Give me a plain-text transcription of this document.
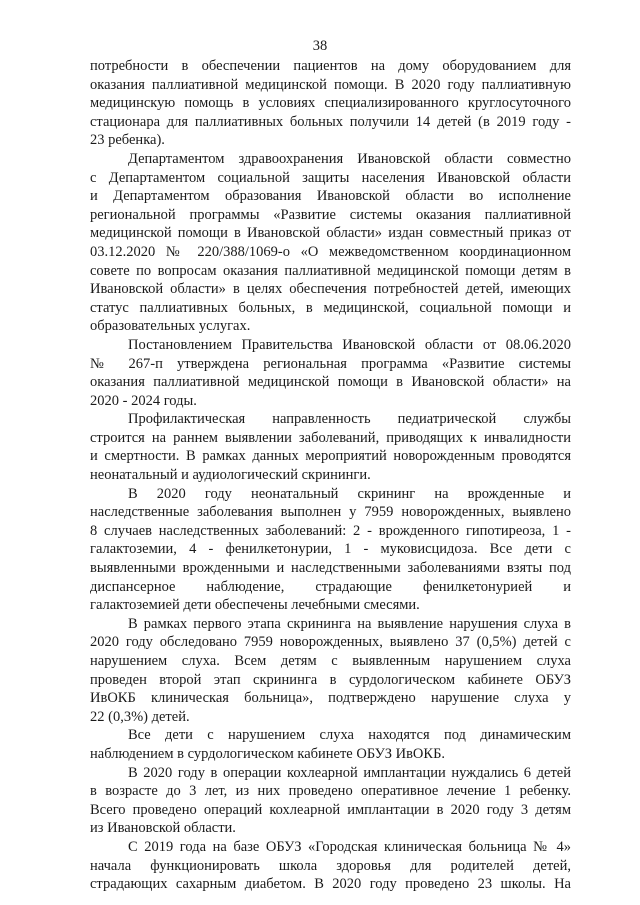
38
потребности в обеспечении пациентов на дому оборудованием для
оказания паллиативной медицинской помощи. В 2020 году паллиативную
медицинскую помощь в условиях специализированного круглосуточного
стационара для паллиативных больных получили 14 детей (в 2019 году -
23 ребенка).
Департаментом здравоохранения Ивановской области совместно
с Департаментом социальной защиты населения Ивановской области
и Департаментом образования Ивановской области во исполнение
региональной программы «Развитие системы оказания паллиативной
медицинской помощи в Ивановской области» издан совместный приказ от
03.12.2020 № 220/388/1069-о «О межведомственном координационном
совете по вопросам оказания паллиативной медицинской помощи детям в
Ивановской области» в целях обеспечения потребностей детей, имеющих
статус паллиативных больных, в медицинской, социальной помощи и
образовательных услугах.
Постановлением Правительства Ивановской области от 08.06.2020
№ 267-п утверждена региональная программа «Развитие системы
оказания паллиативной медицинской помощи в Ивановской области» на
2020 - 2024 годы.
Профилактическая направленность педиатрической службы
строится на раннем выявлении заболеваний, приводящих к инвалидности
и смертности. В рамках данных мероприятий новорожденным проводятся
неонатальный и аудиологический скрининги.
В 2020 году неонатальный скрининг на врожденные и
наследственные заболевания выполнен у 7959 новорожденных, выявлено
8 случаев наследственных заболеваний: 2 - врожденного гипотиреоза, 1 -
галактоземии, 4 - фенилкетонурии, 1 - муковисцидоза. Все дети с
выявленными врожденными и наследственными заболеваниями взяты под
диспансерное наблюдение, страдающие фенилкетонурией и
галактоземией дети обеспечены лечебными смесями.
В рамках первого этапа скрининга на выявление нарушения слуха в
2020 году обследовано 7959 новорожденных, выявлено 37 (0,5%) детей с
нарушением слуха. Всем детям с выявленным нарушением слуха
проведен второй этап скрининга в сурдологическом кабинете ОБУЗ
ИвОКБ клиническая больница», подтверждено нарушение слуха у
22 (0,3%) детей.
Все дети с нарушением слуха находятся под динамическим
наблюдением в сурдологическом кабинете ОБУЗ ИвОКБ.
В 2020 году в операции кохлеарной имплантации нуждались 6 детей
в возрасте до 3 лет, из них проведено оперативное лечение 1 ребенку.
Всего проведено операций кохлеарной имплантации в 2020 году 3 детям
из Ивановской области.
С 2019 года на базе ОБУЗ «Городская клиническая больница № 4»
начала функционировать школа здоровья для родителей детей,
страдающих сахарным диабетом. В 2020 году проведено 23 школы. На
